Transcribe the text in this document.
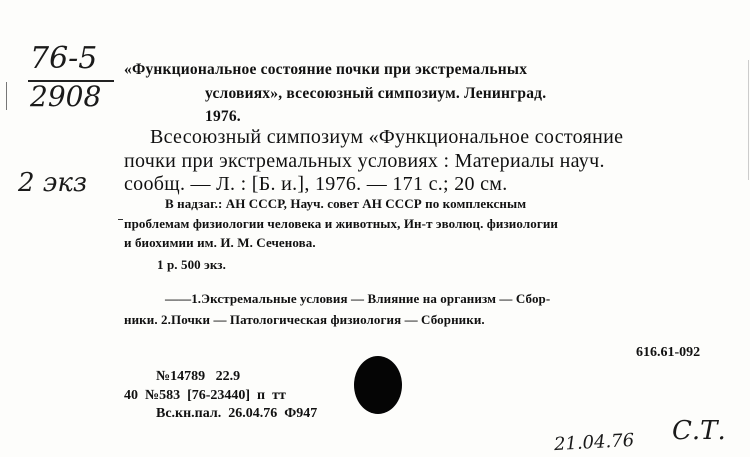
76-5
2908
2 экз
«Функциональное состояние почки при экстремальных
условиях», всесоюзный симпозиум. Ленинград.
1976.
Всесоюзный симпозиум «Функциональное состояние
почки при экстремальных условиях : Материалы науч.
сообщ. — Л. : [Б. и.], 1976. — 171 с.; 20 см.
В надзаг.: АН СССР, Науч. совет АН СССР по комплексным
проблемам физиологии человека и животных, Ин-т эволюц. физиологии
и биохимии им. И. М. Сеченова.
1 р. 500 экз.
——1.Экстремальные условия — Влияние на организм — Сбор-
ники. 2.Почки — Патологическая физиология — Сборники.
616.61-092
№14789   22.9
40  №583  [76-23440]  п  тт
Вс.кн.пал.  26.04.76  Ф947
21.04.76 С.Т.
